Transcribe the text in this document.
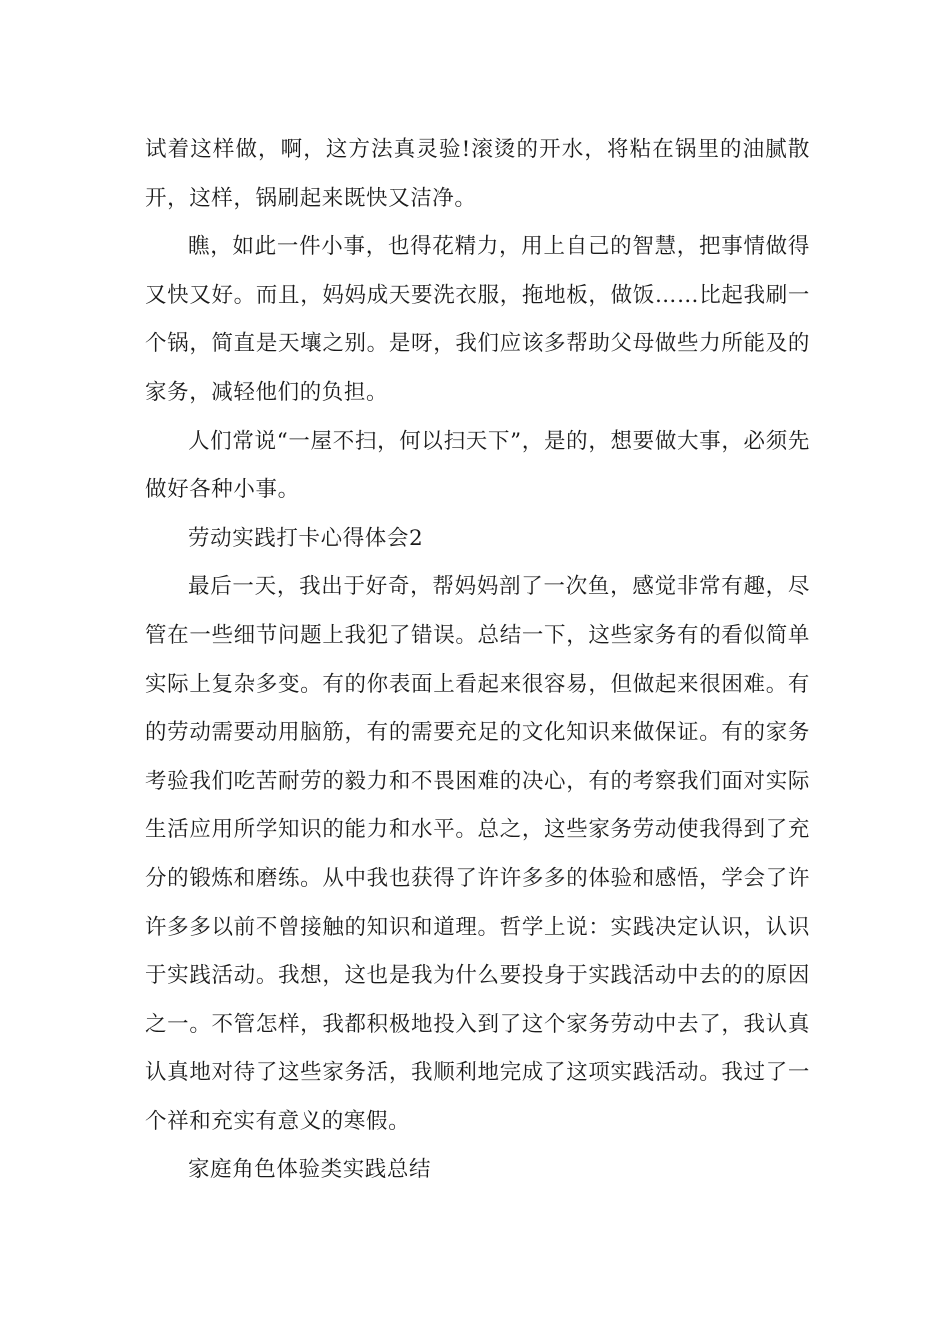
试着这样做，啊，这方法真灵验!滚烫的开水，将粘在锅里的油腻散开，这样，锅刷起来既快又洁净。

瞧，如此一件小事，也得花精力，用上自己的智慧，把事情做得又快又好。而且，妈妈成天要洗衣服，拖地板，做饭……比起我刷一个锅，简直是天壤之别。是呀，我们应该多帮助父母做些力所能及的家务，减轻他们的负担。

人们常说“一屋不扫，何以扫天下”，是的，想要做大事，必须先做好各种小事。

劳动实践打卡心得体会2

最后一天，我出于好奇，帮妈妈剖了一次鱼，感觉非常有趣，尽管在一些细节问题上我犯了错误。总结一下，这些家务有的看似简单实际上复杂多变。有的你表面上看起来很容易，但做起来很困难。有的劳动需要动用脑筋，有的需要充足的文化知识来做保证。有的家务考验我们吃苦耐劳的毅力和不畏困难的决心，有的考察我们面对实际生活应用所学知识的能力和水平。总之，这些家务劳动使我得到了充分的锻炼和磨练。从中我也获得了许许多多的体验和感悟，学会了许许多多以前不曾接触的知识和道理。哲学上说：实践决定认识，认识于实践活动。我想，这也是我为什么要投身于实践活动中去的的原因之一。不管怎样，我都积极地投入到了这个家务劳动中去了，我认真认真地对待了这些家务活，我顺利地完成了这项实践活动。我过了一个祥和充实有意义的寒假。

家庭角色体验类实践总结
